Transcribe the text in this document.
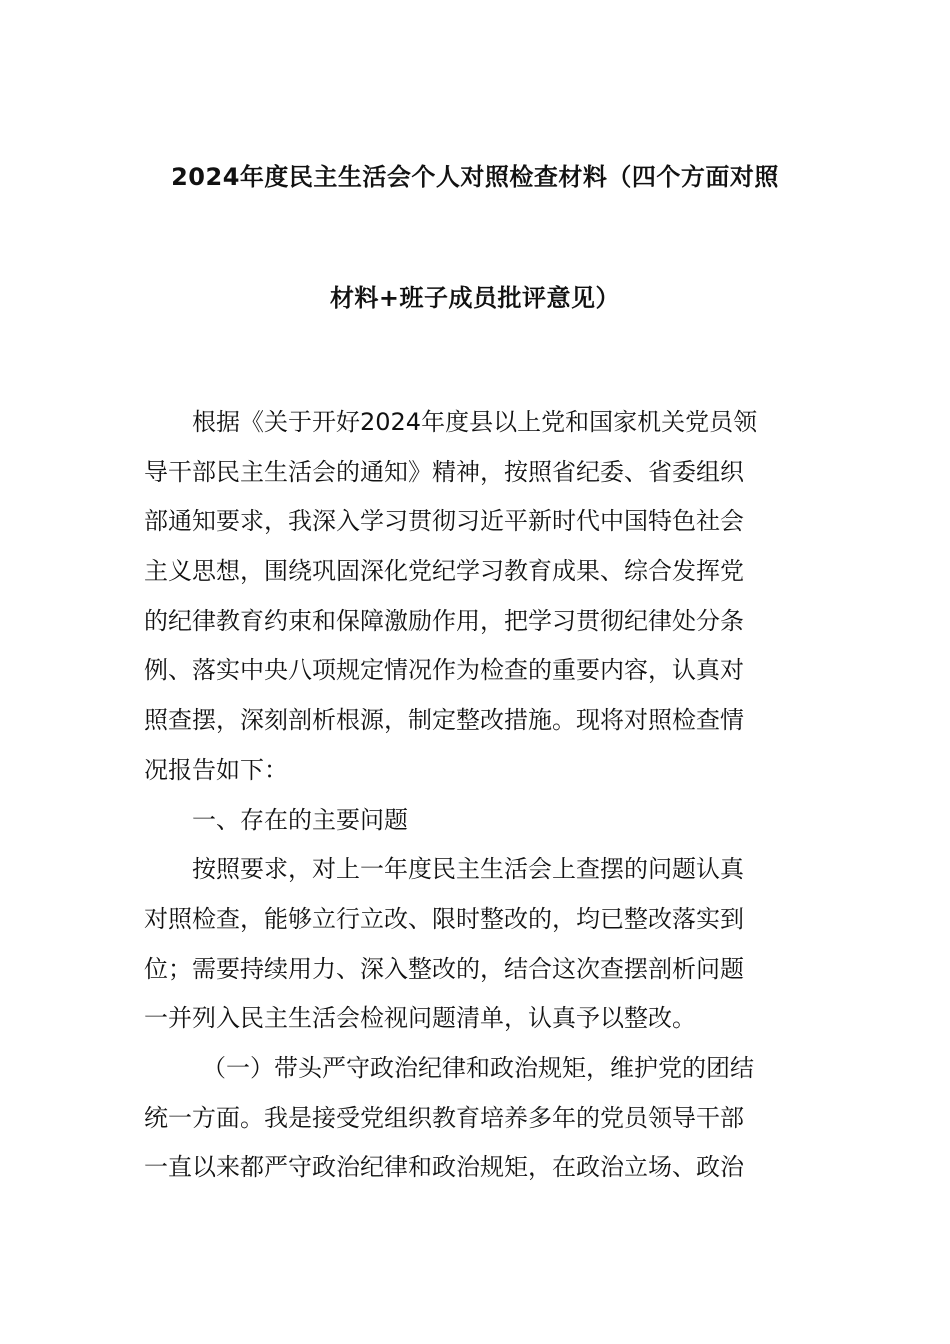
2024年度民主生活会个人对照检查材料（四个方面对照
材料+班子成员批评意见）
根据《关于开好2024年度县以上党和国家机关党员领
导干部民主生活会的通知》精神，按照省纪委、省委组织
部通知要求，我深入学习贯彻习近平新时代中国特色社会
主义思想，围绕巩固深化党纪学习教育成果、综合发挥党
的纪律教育约束和保障激励作用，把学习贯彻纪律处分条
例、落实中央八项规定情况作为检查的重要内容，认真对
照查摆，深刻剖析根源，制定整改措施。现将对照检查情
况报告如下：
一、存在的主要问题
按照要求，对上一年度民主生活会上查摆的问题认真
对照检查，能够立行立改、限时整改的，均已整改落实到
位；需要持续用力、深入整改的，结合这次查摆剖析问题
一并列入民主生活会检视问题清单，认真予以整改。
（一）带头严守政治纪律和政治规矩，维护党的团结
统一方面。我是接受党组织教育培养多年的党员领导干部
一直以来都严守政治纪律和政治规矩，在政治立场、政治
